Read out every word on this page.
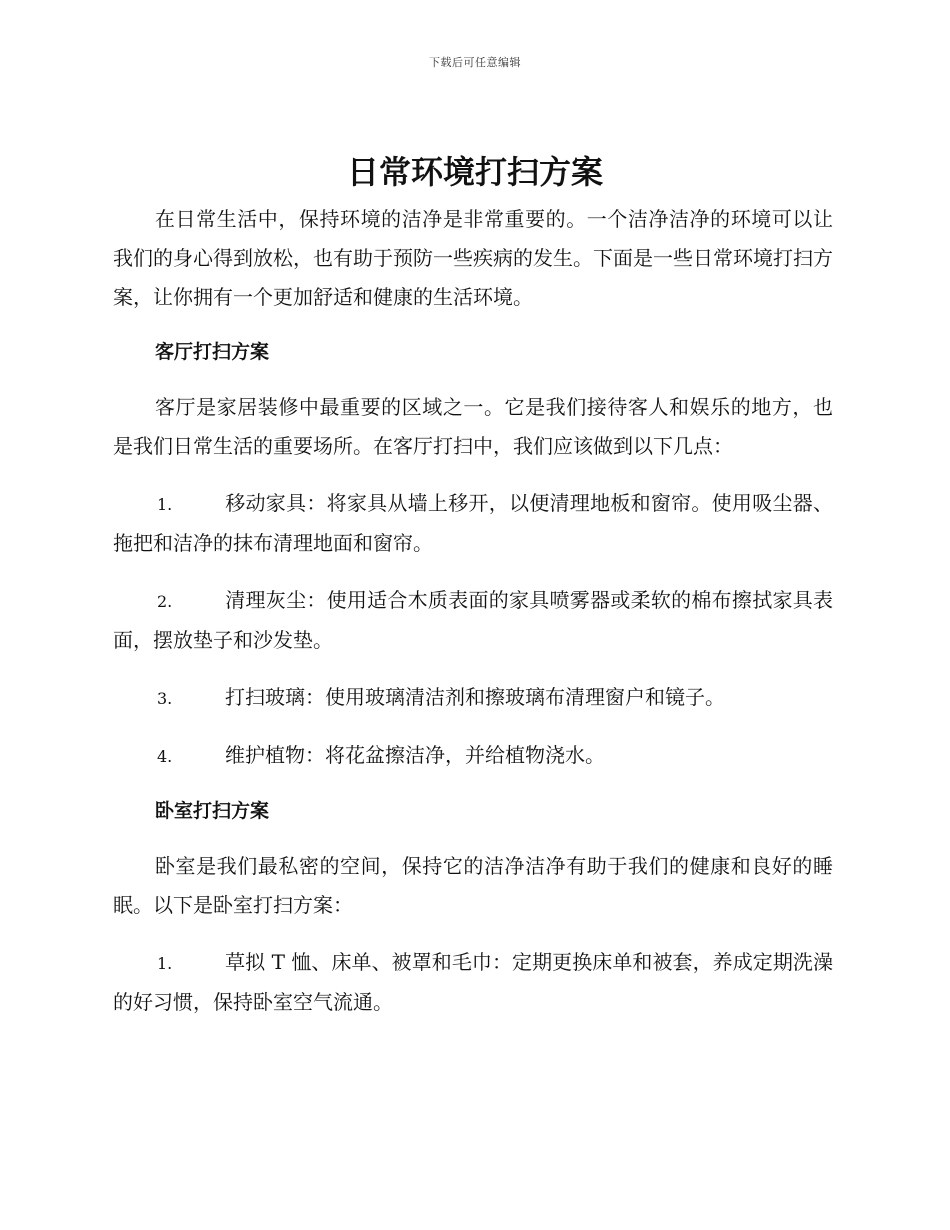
下载后可任意编辑
日常环境打扫方案

在日常生活中，保持环境的洁净是非常重要的。一个洁净洁净的环境可以让我们的身心得到放松，也有助于预防一些疾病的发生。下面是一些日常环境打扫方案，让你拥有一个更加舒适和健康的生活环境。

客厅打扫方案

客厅是家居装修中最重要的区域之一。它是我们接待客人和娱乐的地方，也是我们日常生活的重要场所。在客厅打扫中，我们应该做到以下几点：

1.	移动家具：将家具从墙上移开，以便清理地板和窗帘。使用吸尘器、拖把和洁净的抹布清理地面和窗帘。

2.	清理灰尘：使用适合木质表面的家具喷雾器或柔软的棉布擦拭家具表面，摆放垫子和沙发垫。

3.	打扫玻璃：使用玻璃清洁剂和擦玻璃布清理窗户和镜子。

4.	维护植物：将花盆擦洁净，并给植物浇水。

卧室打扫方案

卧室是我们最私密的空间，保持它的洁净洁净有助于我们的健康和良好的睡眠。以下是卧室打扫方案：

1.	草拟 T 恤、床单、被罩和毛巾：定期更换床单和被套，养成定期洗澡的好习惯，保持卧室空气流通。
